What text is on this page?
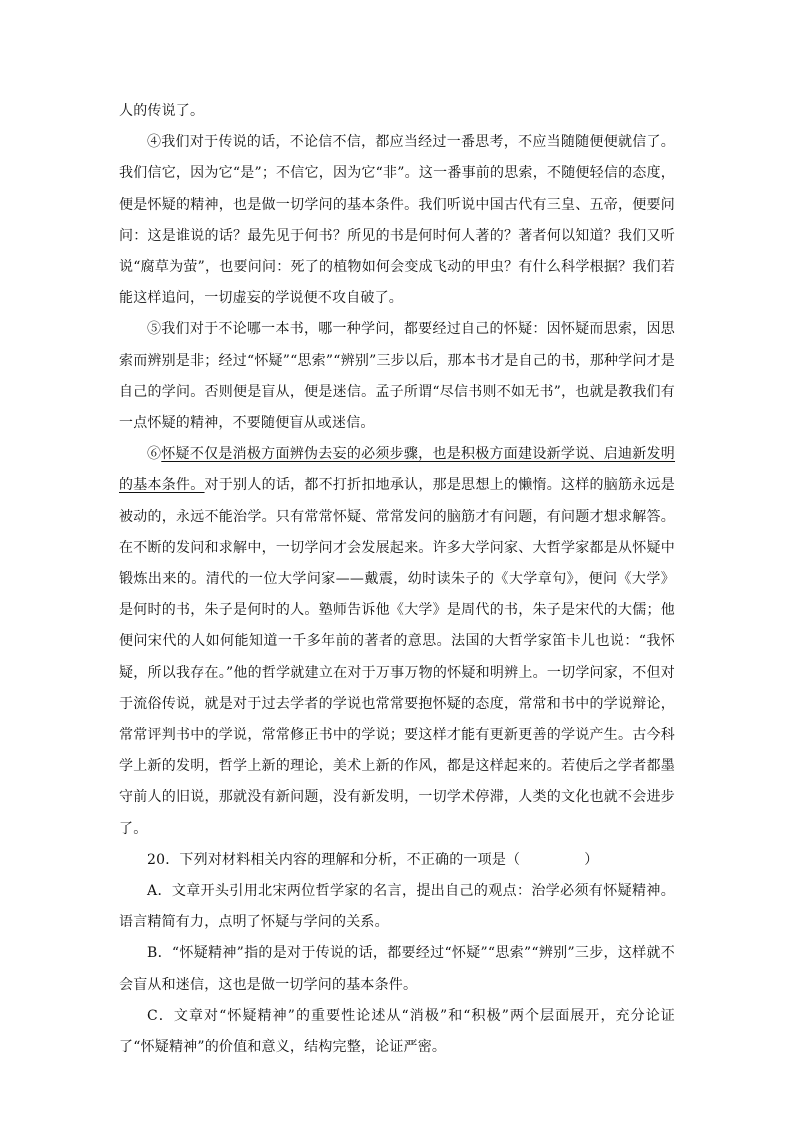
人的传说了。

④我们对于传说的话，不论信不信，都应当经过一番思考，不应当随随便便就信了。我们信它，因为它“是”；不信它，因为它“非”。这一番事前的思索，不随便轻信的态度，便是怀疑的精神，也是做一切学问的基本条件。我们听说中国古代有三皇、五帝，便要问问：这是谁说的话？最先见于何书？所见的书是何时何人著的？著者何以知道？我们又听说“腐草为萤”，也要问问：死了的植物如何会变成飞动的甲虫？有什么科学根据？我们若能这样追问，一切虚妄的学说便不攻自破了。

⑤我们对于不论哪一本书，哪一种学问，都要经过自己的怀疑：因怀疑而思索，因思索而辨别是非；经过“怀疑”“思索”“辨别”三步以后，那本书才是自己的书，那种学问才是自己的学问。否则便是盲从，便是迷信。孟子所谓“尽信书则不如无书”，也就是教我们有一点怀疑的精神，不要随便盲从或迷信。

⑥怀疑不仅是消极方面辨伪去妄的必须步骤，也是积极方面建设新学说、启迪新发明的基本条件。对于别人的话，都不打折扣地承认，那是思想上的懒惰。这样的脑筋永远是被动的，永远不能治学。只有常常怀疑、常常发问的脑筋才有问题，有问题才想求解答。在不断的发问和求解中，一切学问才会发展起来。许多大学问家、大哲学家都是从怀疑中锻炼出来的。清代的一位大学问家——戴震，幼时读朱子的《大学章句》，便问《大学》是何时的书，朱子是何时的人。塾师告诉他《大学》是周代的书，朱子是宋代的大儒；他便问宋代的人如何能知道一千多年前的著者的意思。法国的大哲学家笛卡儿也说：“我怀疑，所以我存在。”他的哲学就建立在对于万事万物的怀疑和明辨上。一切学问家，不但对于流俗传说，就是对于过去学者的学说也常常要抱怀疑的态度，常常和书中的学说辩论，常常评判书中的学说，常常修正书中的学说；要这样才能有更新更善的学说产生。古今科学上新的发明，哲学上新的理论，美术上新的作风，都是这样起来的。若使后之学者都墨守前人的旧说，那就没有新问题，没有新发明，一切学术停滞，人类的文化也就不会进步了。

20．下列对材料相关内容的理解和分析，不正确的一项是（	）

A．文章开头引用北宋两位哲学家的名言，提出自己的观点：治学必须有怀疑精神。语言精简有力，点明了怀疑与学问的关系。

B．“怀疑精神”指的是对于传说的话，都要经过“怀疑”“思索”“辨别”三步，这样就不会盲从和迷信，这也是做一切学问的基本条件。

C．文章对“怀疑精神”的重要性论述从“消极”和“积极”两个层面展开，充分论证了“怀疑精神”的价值和意义，结构完整，论证严密。
